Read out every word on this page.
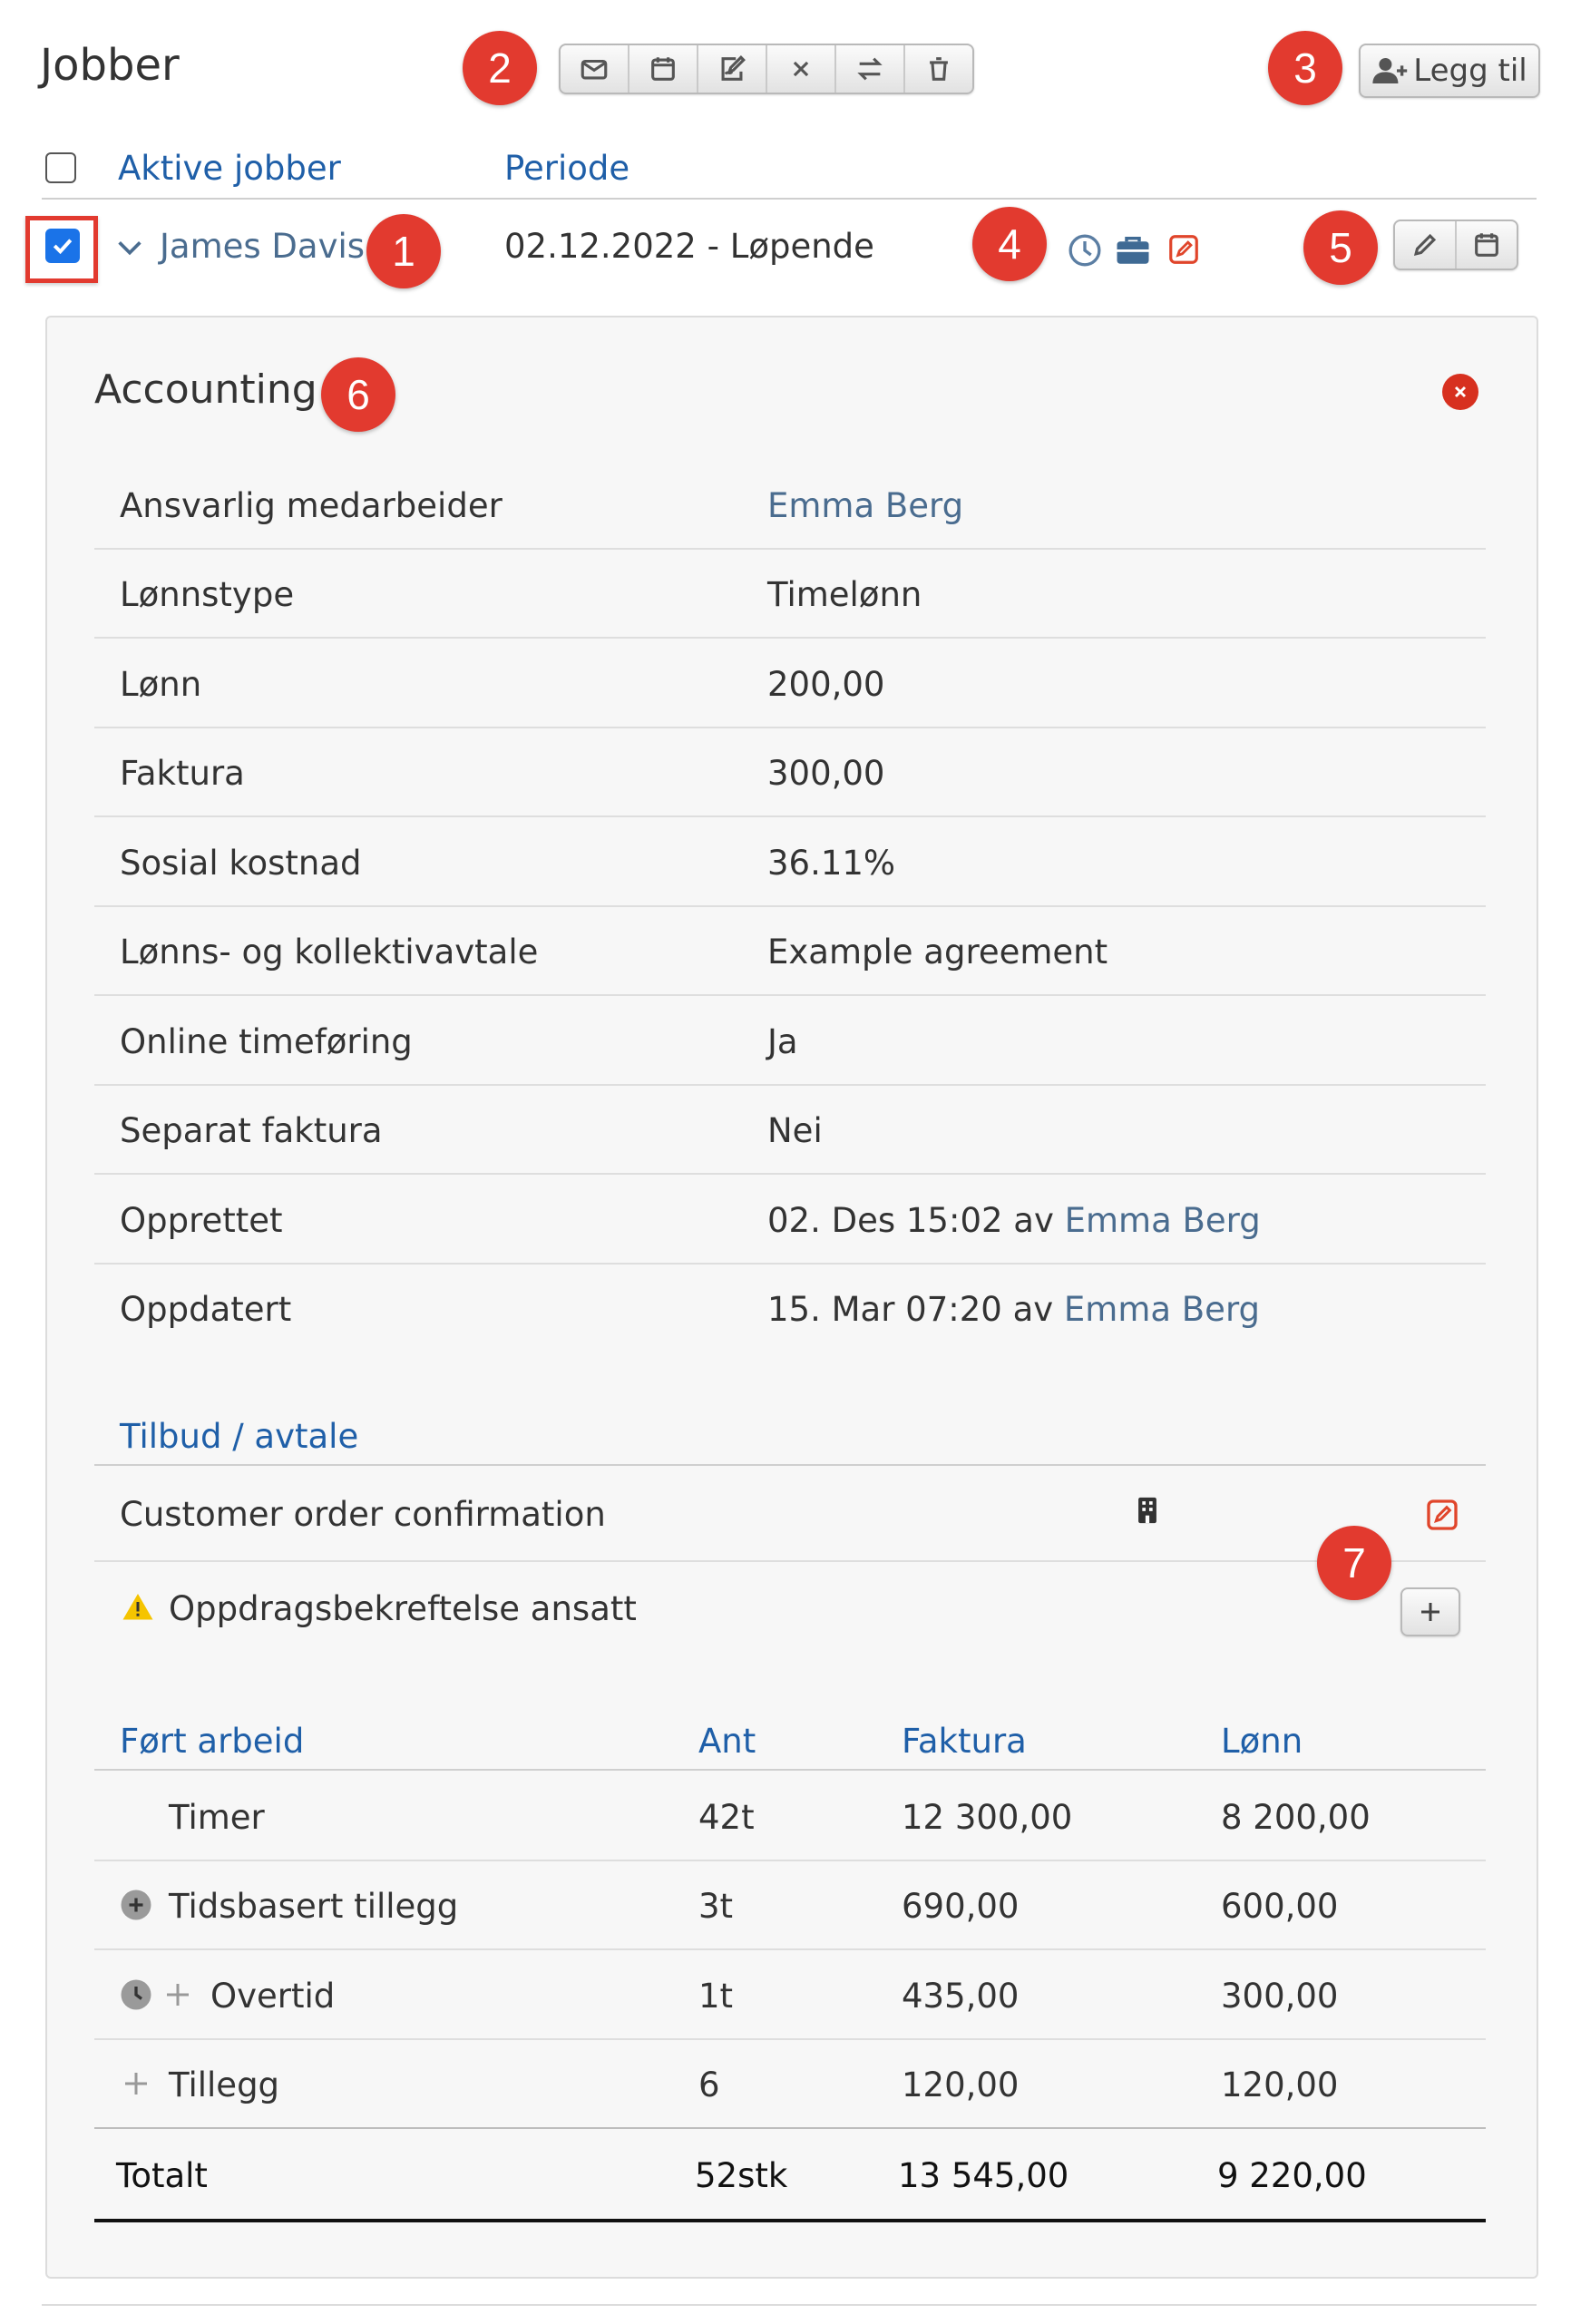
Jobber	Legg til
Aktive jobber	Periode
James Davis	02.12.2022 - Løpende
Accounting
Ansvarlig medarbeider	Emma Berg
Lønnstype	Timelønn
Lønn	200,00
Faktura	300,00
Sosial kostnad	36.11%
Lønns- og kollektivavtale	Example agreement
Online timeføring	Ja
Separat faktura	Nei
Opprettet	02. Des 15:02 av Emma Berg
Oppdatert	15. Mar 07:20 av Emma Berg
Tilbud / avtale
Customer order confirmation
Oppdragsbekreftelse ansatt
Ført arbeid	Ant	Faktura	Lønn
Timer	42t	12 300,00	8 200,00
Tidsbasert tillegg	3t	690,00	600,00
Overtid	1t	435,00	300,00
Tillegg	6	120,00	120,00
Totalt	52stk	13 545,00	9 220,00
1
2	3
4	5
6
7
